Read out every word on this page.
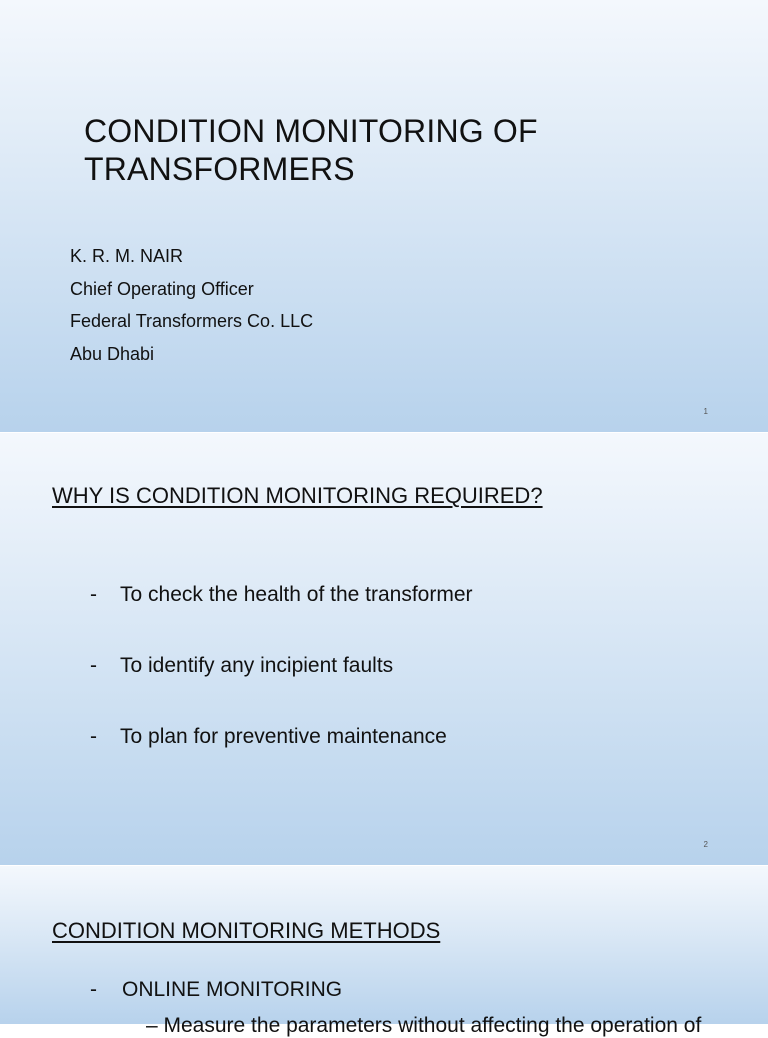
CONDITION MONITORING OF
TRANSFORMERS
K. R. M. NAIR
Chief Operating Officer
Federal Transformers Co. LLC
Abu Dhabi
1
WHY IS CONDITION MONITORING REQUIRED?
-	To check the health of the transformer
-	To identify any incipient faults
-	To plan for preventive maintenance
2
CONDITION MONITORING METHODS
-	ONLINE MONITORING
– Measure the parameters without affecting the operation of
